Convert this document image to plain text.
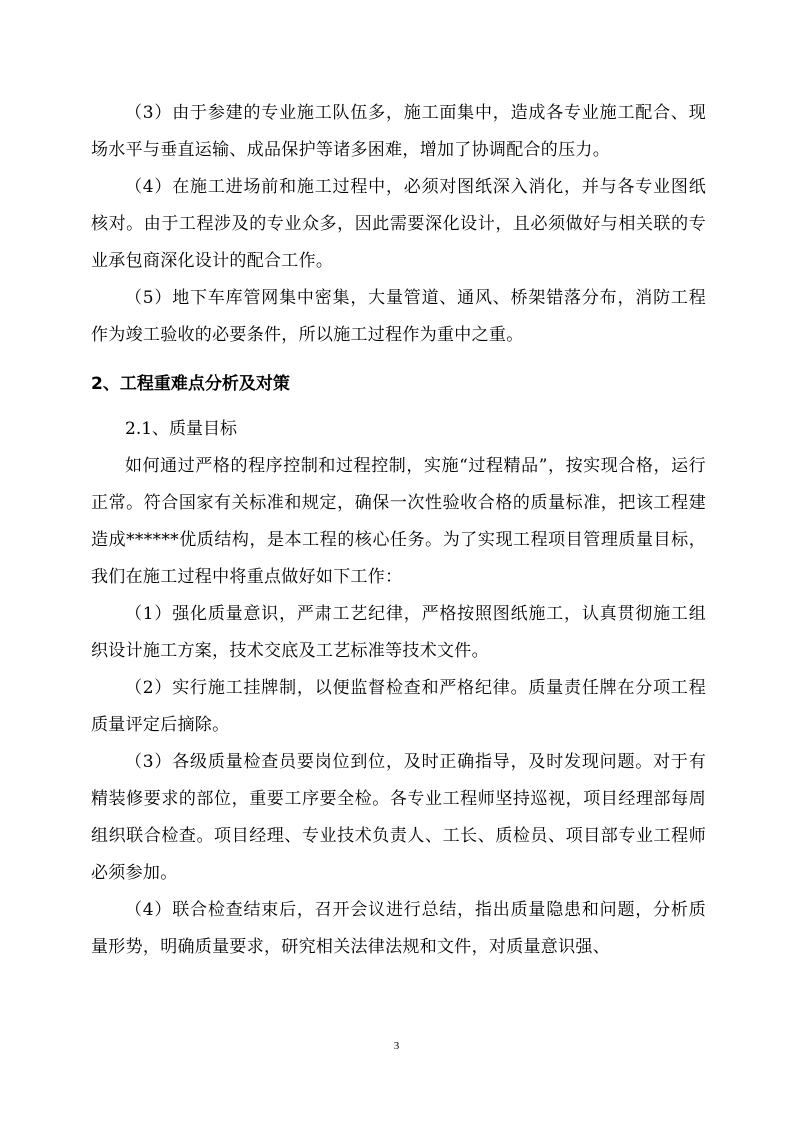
（3）由于参建的专业施工队伍多，施工面集中，造成各专业施工配合、现场水平与垂直运输、成品保护等诸多困难，增加了协调配合的压力。

（4）在施工进场前和施工过程中，必须对图纸深入消化，并与各专业图纸核对。由于工程涉及的专业众多，因此需要深化设计，且必须做好与相关联的专业承包商深化设计的配合工作。

（5）地下车库管网集中密集，大量管道、通风、桥架错落分布，消防工程作为竣工验收的必要条件，所以施工过程作为重中之重。

2、工程重难点分析及对策

2.1、质量目标

如何通过严格的程序控制和过程控制，实施“过程精品”，按实现合格，运行正常。符合国家有关标准和规定，确保一次性验收合格的质量标准，把该工程建造成******优质结构，是本工程的核心任务。为了实现工程项目管理质量目标，我们在施工过程中将重点做好如下工作：

（1）强化质量意识，严肃工艺纪律，严格按照图纸施工，认真贯彻施工组织设计施工方案，技术交底及工艺标准等技术文件。

（2）实行施工挂牌制，以便监督检查和严格纪律。质量责任牌在分项工程质量评定后摘除。

（3）各级质量检查员要岗位到位，及时正确指导，及时发现问题。对于有精装修要求的部位，重要工序要全检。各专业工程师坚持巡视，项目经理部每周组织联合检查。项目经理、专业技术负责人、工长、质检员、项目部专业工程师必须参加。

（4）联合检查结束后，召开会议进行总结，指出质量隐患和问题，分析质量形势，明确质量要求，研究相关法律法规和文件，对质量意识强、

3
